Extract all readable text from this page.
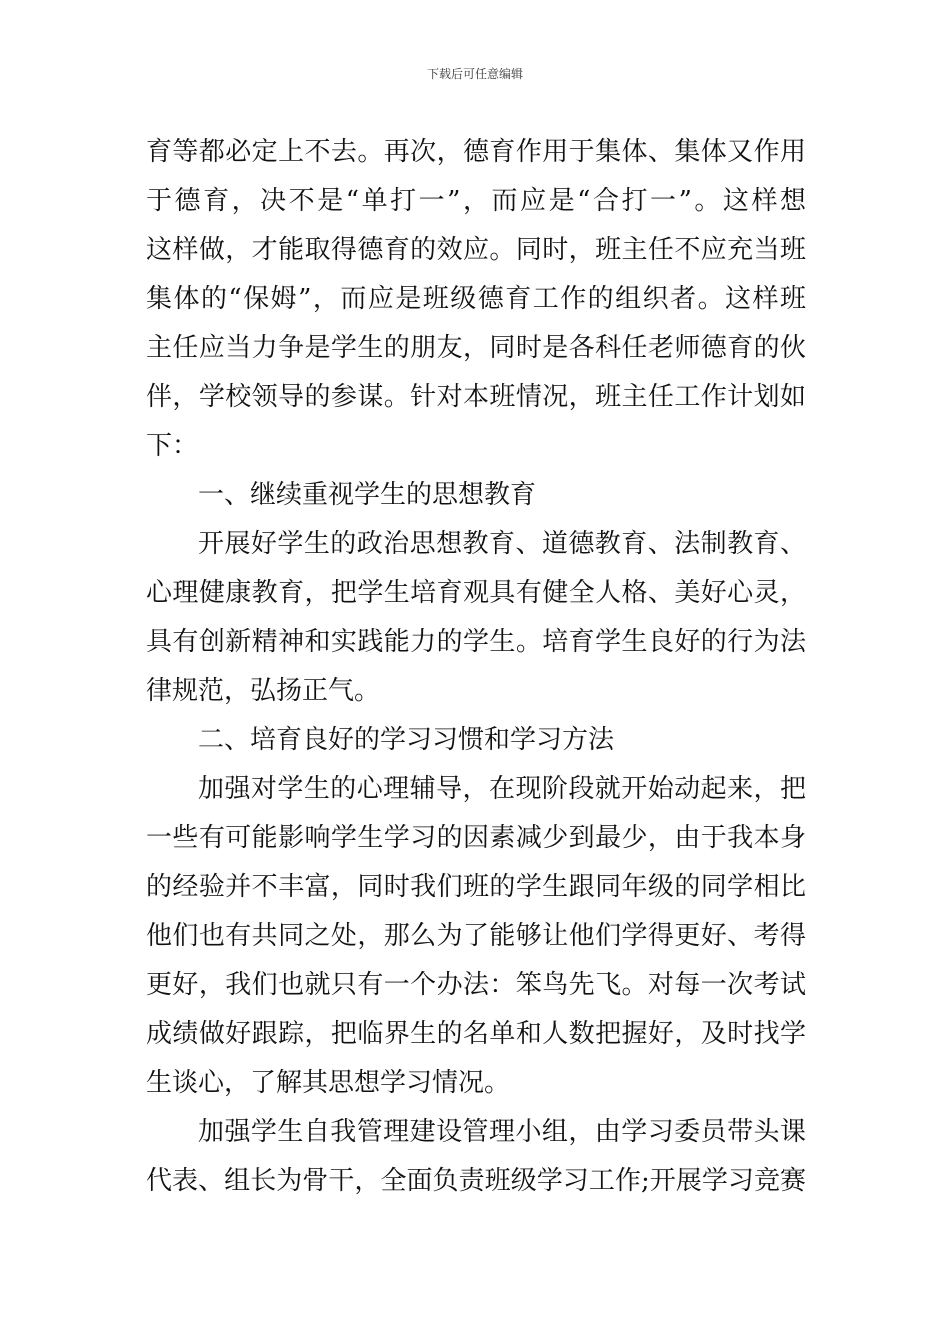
下载后可任意编辑
育等都必定上不去。再次，德育作用于集体、集体又作用
于德育，决不是“单打一”，而应是“合打一”。这样想
这样做，才能取得德育的效应。同时，班主任不应充当班
集体的“保姆”，而应是班级德育工作的组织者。这样班
主任应当力争是学生的朋友，同时是各科任老师德育的伙
伴，学校领导的参谋。针对本班情况，班主任工作计划如
下：
一、继续重视学生的思想教育
开展好学生的政治思想教育、道德教育、法制教育、
心理健康教育，把学生培育观具有健全人格、美好心灵，
具有创新精神和实践能力的学生。培育学生良好的行为法
律规范，弘扬正气。
二、培育良好的学习习惯和学习方法
加强对学生的心理辅导，在现阶段就开始动起来，把
一些有可能影响学生学习的因素减少到最少，由于我本身
的经验并不丰富，同时我们班的学生跟同年级的同学相比
他们也有共同之处，那么为了能够让他们学得更好、考得
更好，我们也就只有一个办法：笨鸟先飞。对每一次考试
成绩做好跟踪，把临界生的名单和人数把握好，及时找学
生谈心，了解其思想学习情况。
加强学生自我管理建设管理小组，由学习委员带头课
代表、组长为骨干，全面负责班级学习工作;开展学习竞赛
